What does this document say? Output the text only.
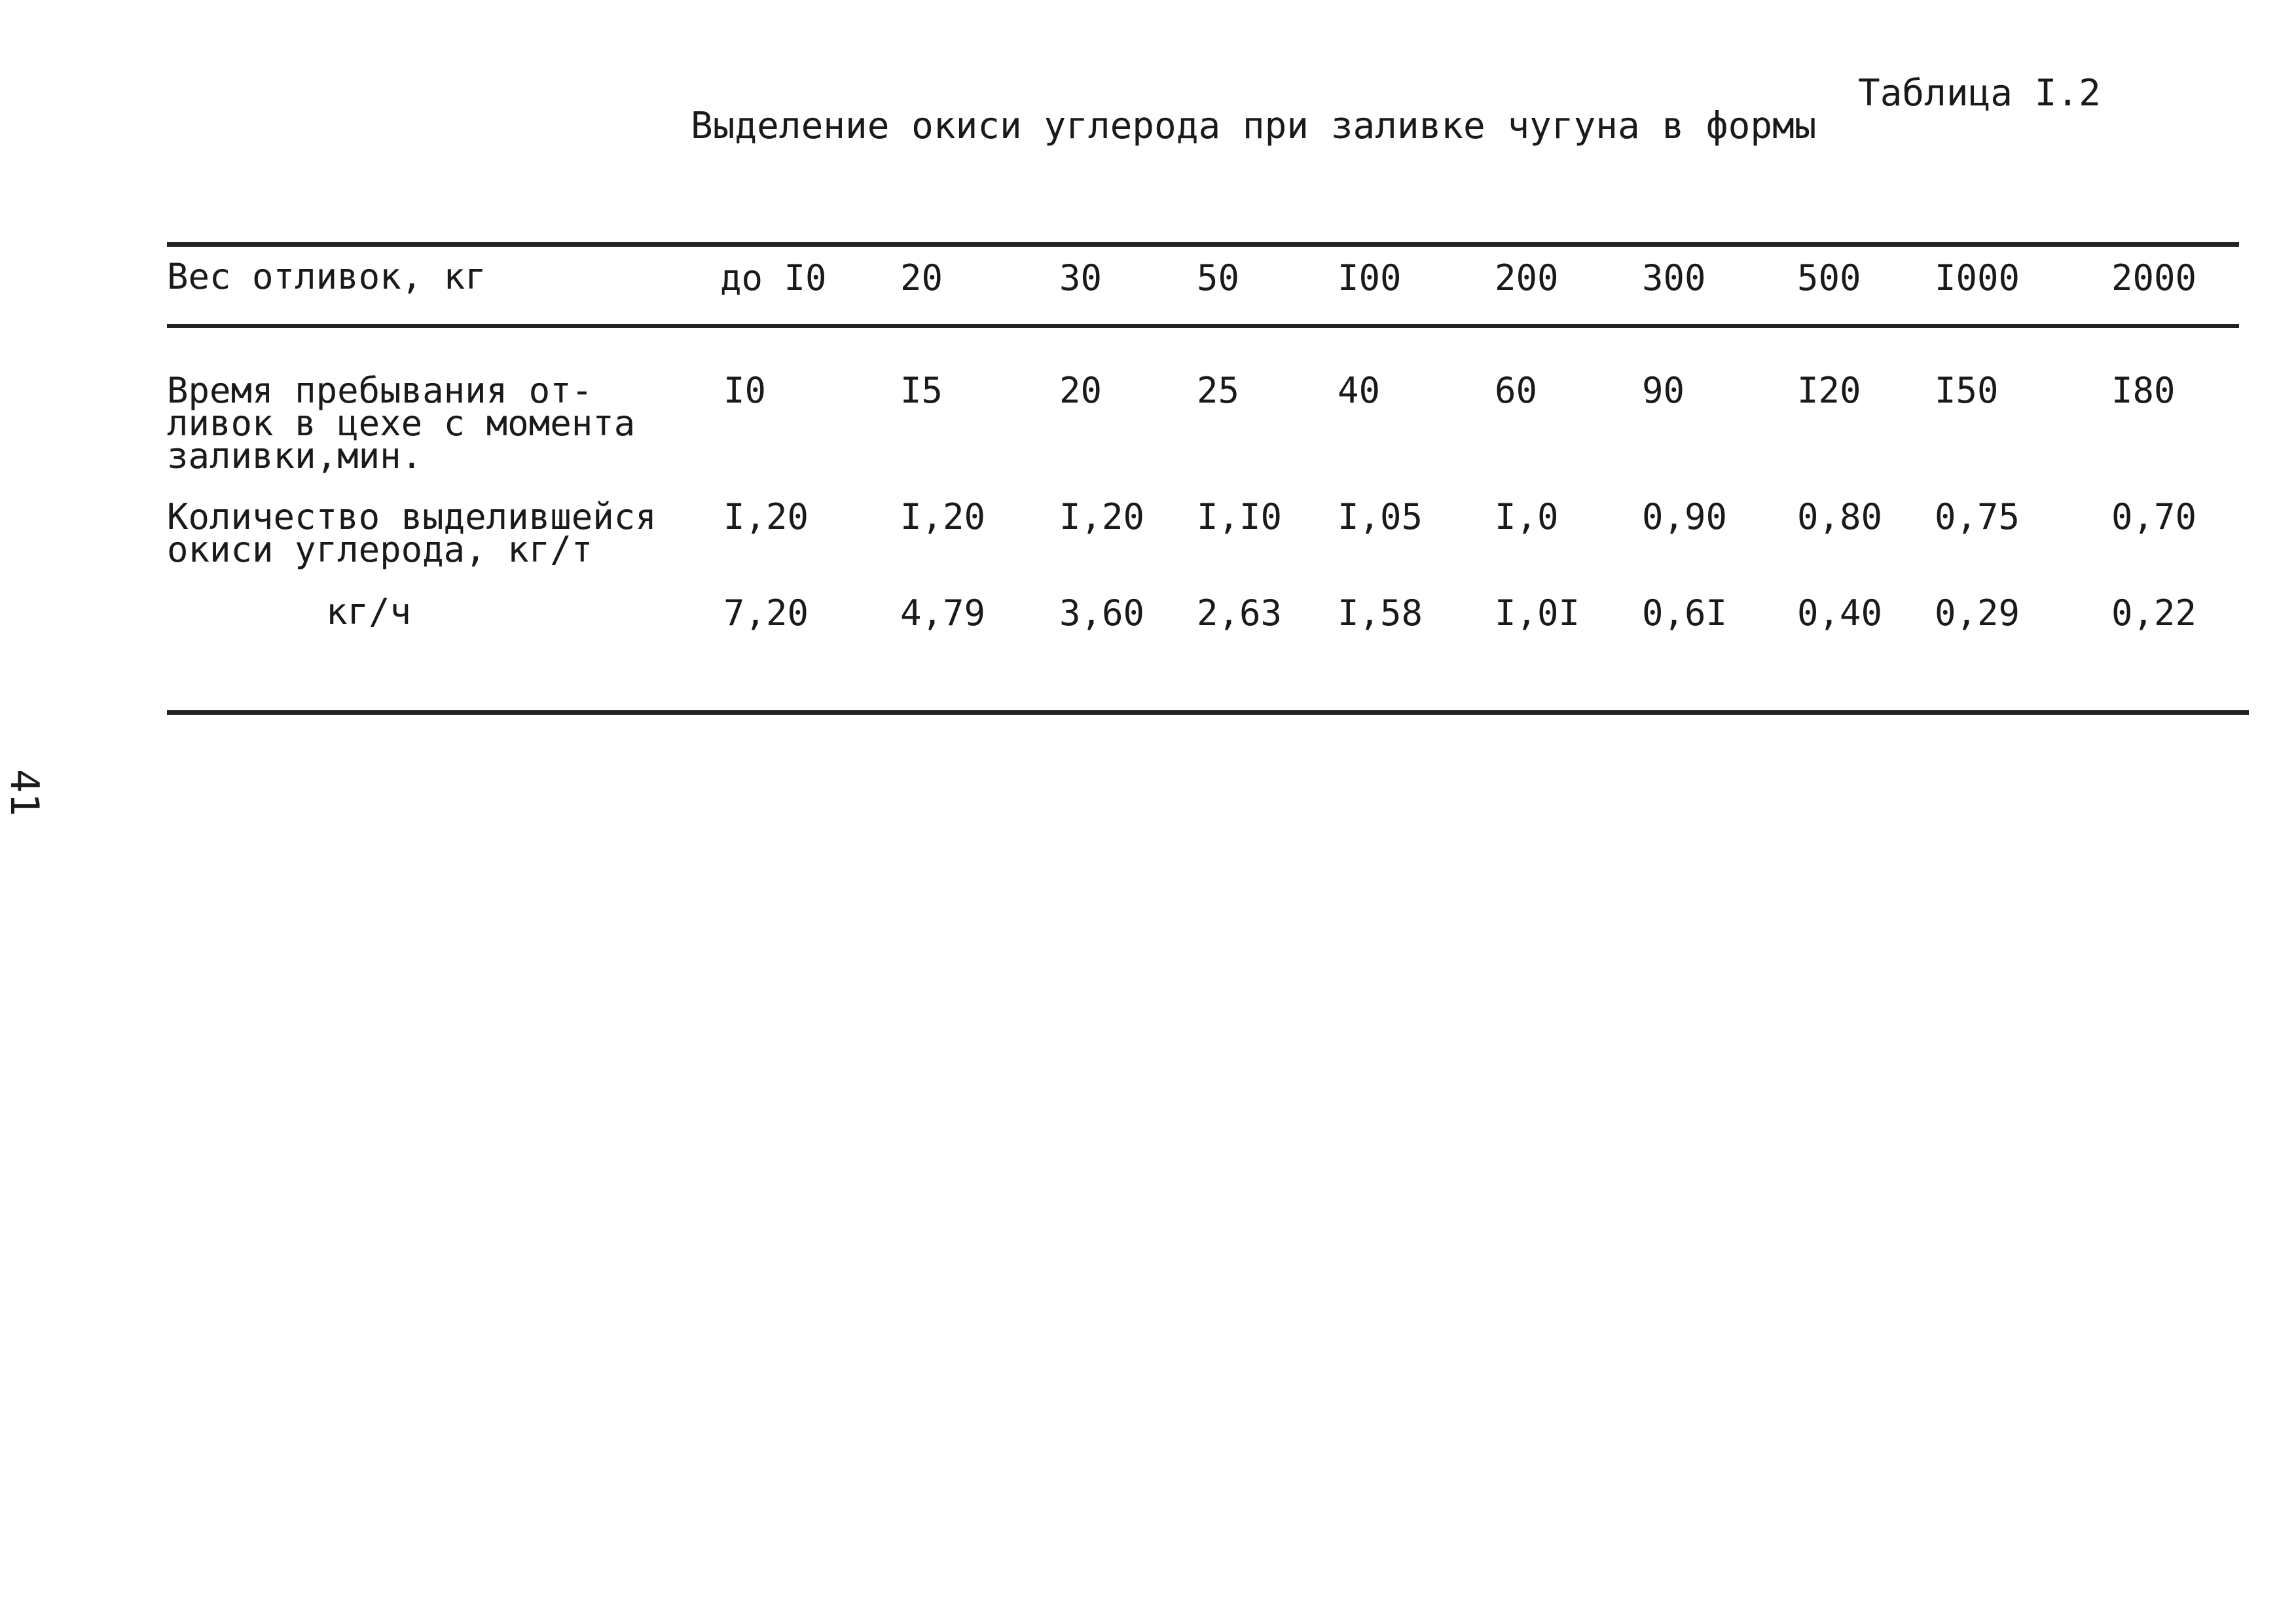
Таблица I.2
Выделение окиси углерода при заливке чугуна в формы
Вес отливок, кг	до I0 20	30	50	I00	200 300	500 I000	2000
Время пребывания от-
ливок в цехе с момента
заливки,мин.
I0	I5	20	25	40	60	90	I20 I50	I80
Количество выделившейся
окиси углерода, кг/т
I,20	I,20 I,20 I,I0 I,05 I,0 0,90 0,80 0,75	0,70
кг/ч	7,20	4,79 3,60 2,63 I,58 I,0I 0,6I 0,40 0,29	0,22
41
